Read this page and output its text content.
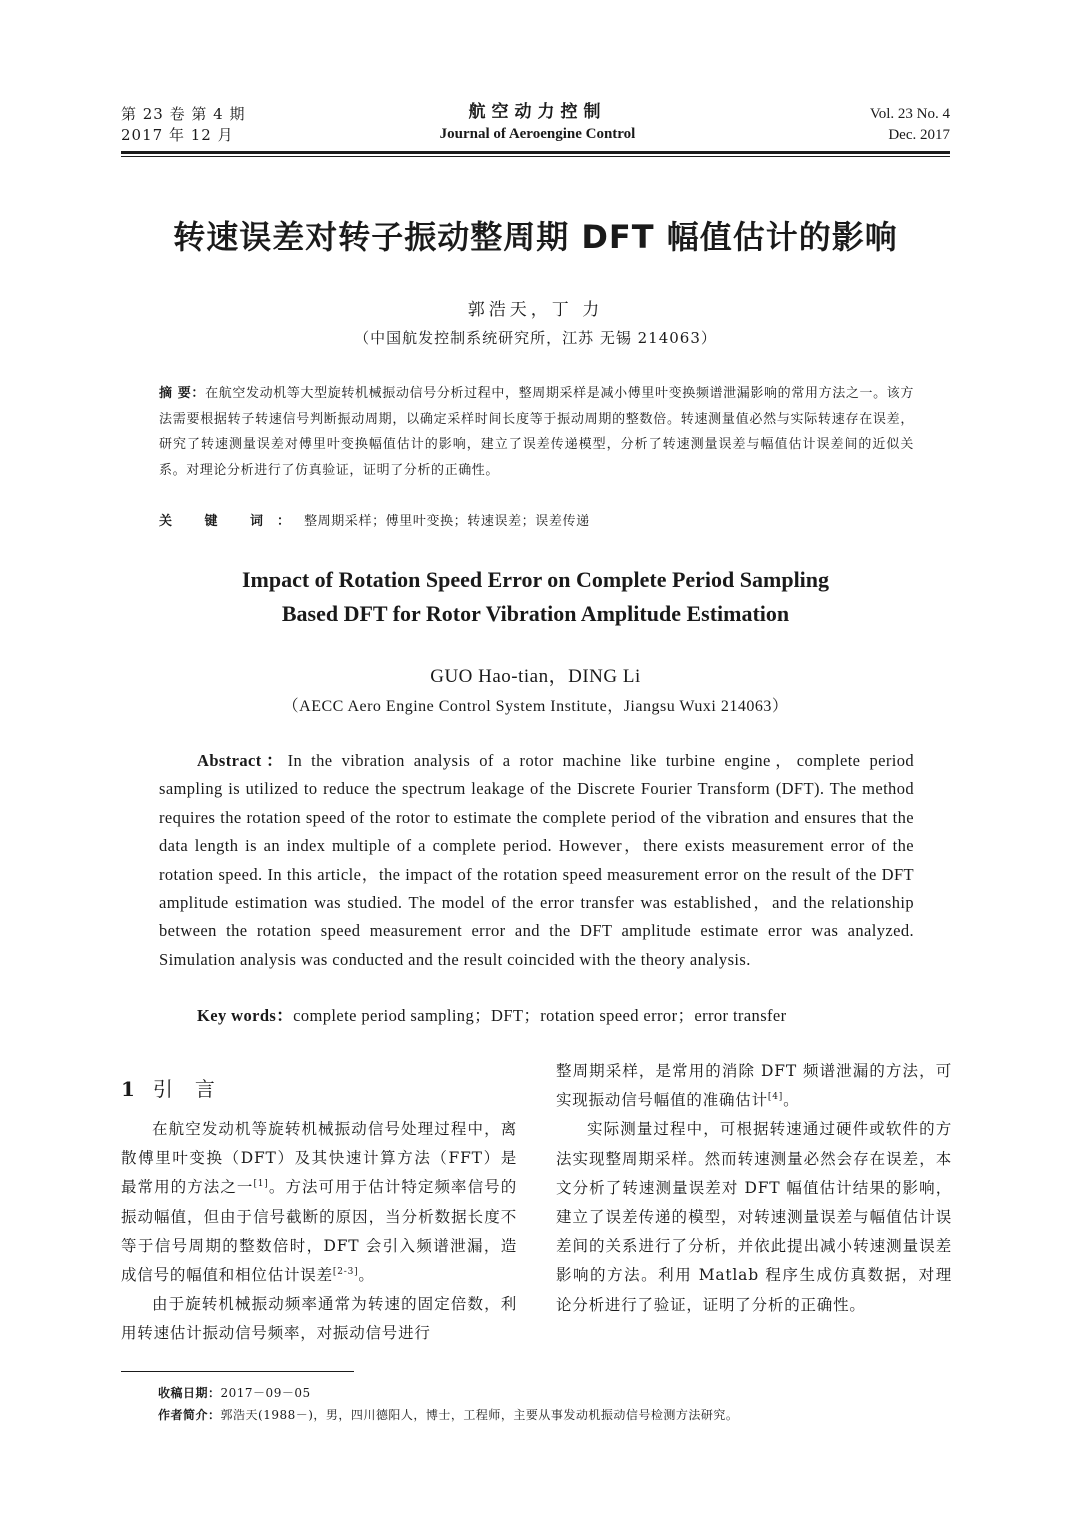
第 23 卷 第 4 期
2017 年 12 月
航空动力控制
Journal of Aeroengine Control
Vol. 23 No. 4
Dec. 2017
转速误差对转子振动整周期 DFT 幅值估计的影响
郭浩天，丁 力
（中国航发控制系统研究所，江苏 无锡 214063）
摘 要：在航空发动机等大型旋转机械振动信号分析过程中，整周期采样是减小傅里叶变换频谱泄漏影响的常用方法之一。该方法需要根据转子转速信号判断振动周期，以确定采样时间长度等于振动周期的整数倍。转速测量值必然与实际转速存在误差，研究了转速测量误差对傅里叶变换幅值估计的影响，建立了误差传递模型，分析了转速测量误差与幅值估计误差间的近似关系。对理论分析进行了仿真验证，证明了分析的正确性。
关 键 词：整周期采样；傅里叶变换；转速误差；误差传递
Impact of Rotation Speed Error on Complete Period Sampling
Based DFT for Rotor Vibration Amplitude Estimation
GUO Hao-tian，DING Li
（AECC Aero Engine Control System Institute，Jiangsu Wuxi 214063）
Abstract：In the vibration analysis of a rotor machine like turbine engine，complete period sampling is utilized to reduce the spectrum leakage of the Discrete Fourier Transform (DFT). The method requires the rotation speed of the rotor to estimate the complete period of the vibration and ensures that the data length is an index multiple of a complete period. However，there exists measurement error of the rotation speed. In this article，the impact of the rotation speed measurement error on the result of the DFT amplitude estimation was studied. The model of the error transfer was established，and the relationship between the rotation speed measurement error and the DFT amplitude estimate error was analyzed. Simulation analysis was conducted and the result coincided with the theory analysis.
Key words：complete period sampling；DFT；rotation speed error；error transfer
1 引言

在航空发动机等旋转机械振动信号处理过程中，离散傅里叶变换（DFT）及其快速计算方法（FFT）是最常用的方法之一[1]。方法可用于估计特定频率信号的振动幅值，但由于信号截断的原因，当分析数据长度不等于信号周期的整数倍时，DFT 会引入频谱泄漏，造成信号的幅值和相位估计误差[2-3]。

由于旋转机械振动频率通常为转速的固定倍数，利用转速估计振动信号频率，对振动信号进行

整周期采样，是常用的消除 DFT 频谱泄漏的方法，可实现振动信号幅值的准确估计[4]。

实际测量过程中，可根据转速通过硬件或软件的方法实现整周期采样。然而转速测量必然会存在误差，本文分析了转速测量误差对 DFT 幅值估计结果的影响，建立了误差传递的模型，对转速测量误差与幅值估计误差间的关系进行了分析，并依此提出减小转速测量误差影响的方法。利用 Matlab 程序生成仿真数据，对理论分析进行了验证，证明了分析的正确性。

收稿日期：2017－09－05
作者简介：郭浩天(1988－)，男，四川德阳人，博士，工程师，主要从事发动机振动信号检测方法研究。
